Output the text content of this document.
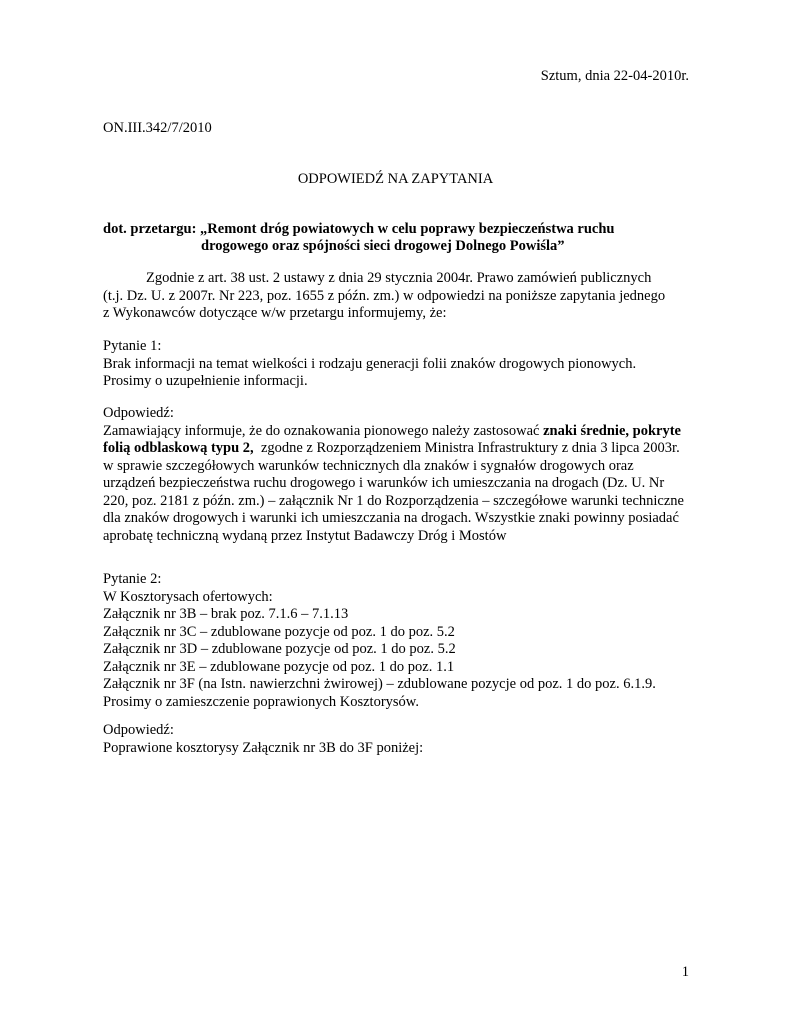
Sztum, dnia 22-04-2010r.
ON.III.342/7/2010
ODPOWIEDŹ NA ZAPYTANIA
dot. przetargu: „Remont dróg powiatowych w celu poprawy bezpieczeństwa ruchu
drogowego oraz spójności sieci drogowej Dolnego Powiśla”
Zgodnie z art. 38 ust. 2 ustawy z dnia 29 stycznia 2004r. Prawo zamówień publicznych
(t.j. Dz. U. z 2007r. Nr 223, poz. 1655 z późn. zm.) w odpowiedzi na poniższe zapytania jednego
z Wykonawców dotyczące w/w przetargu informujemy, że:
Pytanie 1:
Brak informacji na temat wielkości i rodzaju generacji folii znaków drogowych pionowych.
Prosimy o uzupełnienie informacji.
Odpowiedź:
Zamawiający informuje, że do oznakowania pionowego należy zastosować znaki średnie, pokryte
folią odblaskową typu 2,  zgodne z Rozporządzeniem Ministra Infrastruktury z dnia 3 lipca 2003r.
w sprawie szczegółowych warunków technicznych dla znaków i sygnałów drogowych oraz
urządzeń bezpieczeństwa ruchu drogowego i warunków ich umieszczania na drogach (Dz. U. Nr
220, poz. 2181 z późn. zm.) – załącznik Nr 1 do Rozporządzenia – szczegółowe warunki techniczne
dla znaków drogowych i warunki ich umieszczania na drogach. Wszystkie znaki powinny posiadać
aprobatę techniczną wydaną przez Instytut Badawczy Dróg i Mostów
Pytanie 2:
W Kosztorysach ofertowych:
Załącznik nr 3B – brak poz. 7.1.6 – 7.1.13
Załącznik nr 3C – zdublowane pozycje od poz. 1 do poz. 5.2
Załącznik nr 3D – zdublowane pozycje od poz. 1 do poz. 5.2
Załącznik nr 3E – zdublowane pozycje od poz. 1 do poz. 1.1
Załącznik nr 3F (na Istn. nawierzchni żwirowej) – zdublowane pozycje od poz. 1 do poz. 6.1.9.
Prosimy o zamieszczenie poprawionych Kosztorysów.
Odpowiedź:
Poprawione kosztorysy Załącznik nr 3B do 3F poniżej:
1
